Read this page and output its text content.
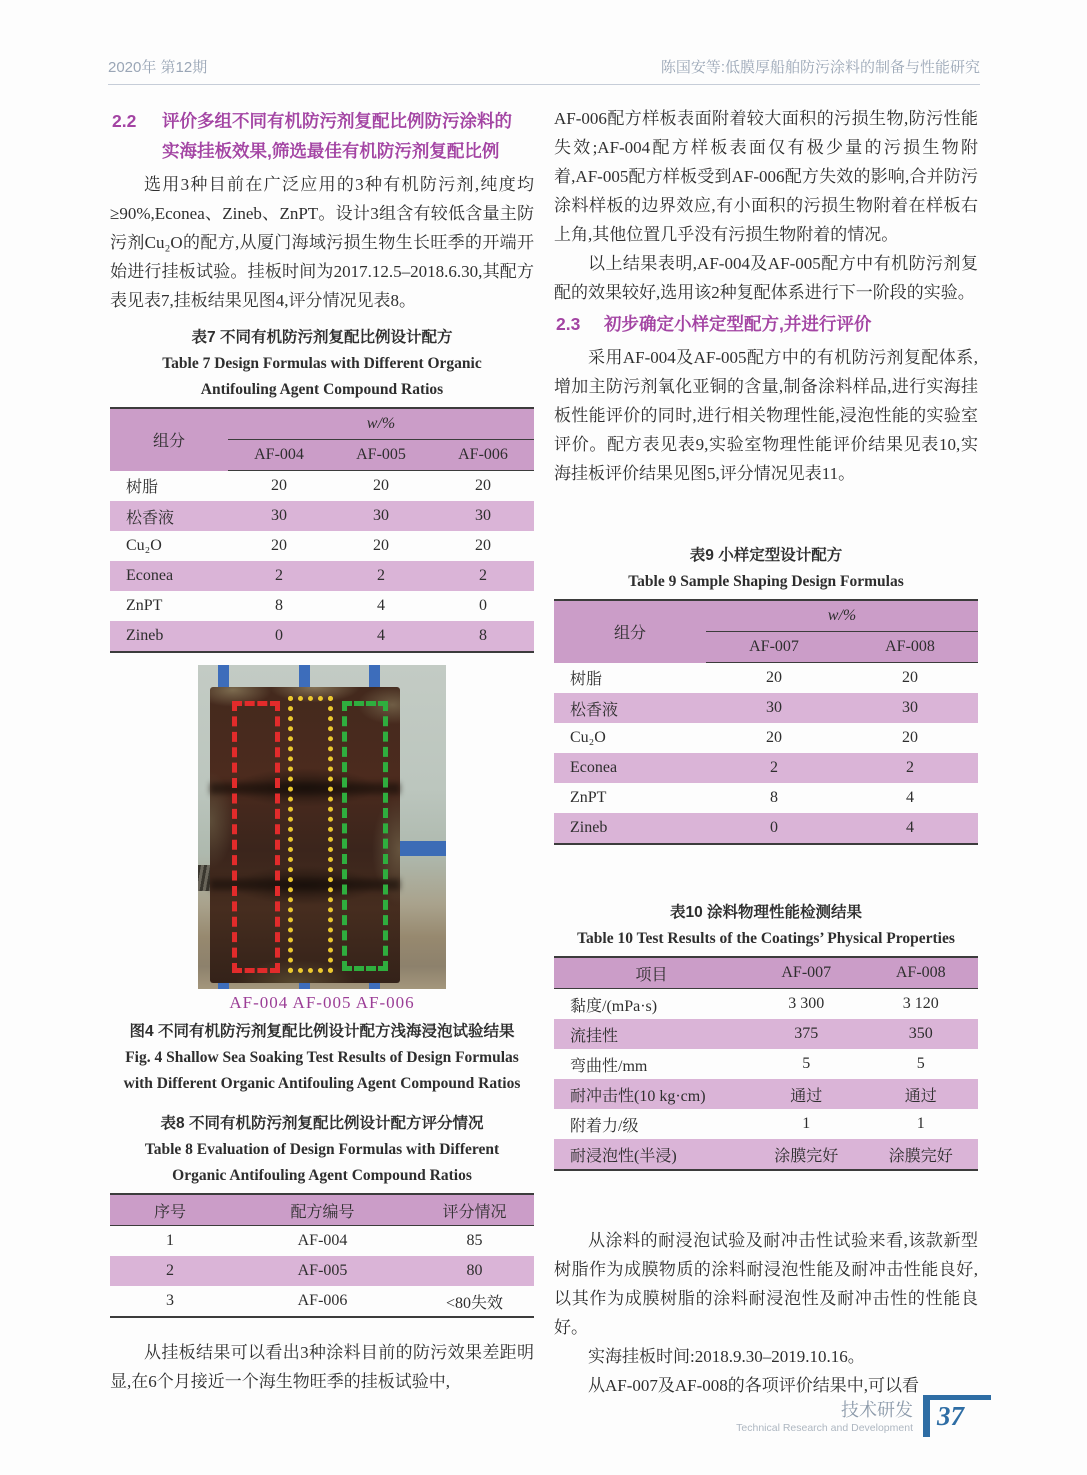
2020年 第12期	陈国安等:低膜厚船舶防污涂料的制备与性能研究
2.2 评价多组不同有机防污剂复配比例防污涂料的
实海挂板效果,筛选最佳有机防污剂复配比例

选用3种目前在广泛应用的3种有机防污剂,纯度均≥90%,Econea、Zineb、ZnPT。设计3组含有较低含量主防污剂Cu₂O的配方,从厦门海域污损生物生长旺季的开端开始进行挂板试验。挂板时间为2017.12.5–2018.6.30,其配方表见表7,挂板结果见图4,评分情况见表8。

表7 不同有机防污剂复配比例设计配方
Table 7 Design Formulas with Different Organic
Antifouling Agent Compound Ratios
组分	w/%		
	AF-004	AF-005	AF-006
树脂	20	20	20
松香液	30	30	30
Cu₂O	20	20	20
Econea	2	2	2
ZnPT	8	4	0
Zineb	0	4	8
AF-004 AF-005 AF-006
图4 不同有机防污剂复配比例设计配方浅海浸泡试验结果
Fig. 4 Shallow Sea Soaking Test Results of Design Formulas
with Different Organic Antifouling Agent Compound Ratios
表8 不同有机防污剂复配比例设计配方评分情况
Table 8 Evaluation of Design Formulas with Different
Organic Antifouling Agent Compound Ratios
序号	配方编号	评分情况
1	AF-004	85
2	AF-005	80
3	AF-006	<80失效

从挂板结果可以看出3种涂料目前的防污效果差距明显,在6个月接近一个海生物旺季的挂板试验中,

AF-006配方样板表面附着较大面积的污损生物,防污性能失效;AF-004配方样板表面仅有极少量的污损生物附着,AF-005配方样板受到AF-006配方失效的影响,合并防污涂料样板的边界效应,有小面积的污损生物附着在样板右上角,其他位置几乎没有污损生物附着的情况。

以上结果表明,AF-004及AF-005配方中有机防污剂复配的效果较好,选用该2种复配体系进行下一阶段的实验。

2.3 初步确定小样定型配方,并进行评价

采用AF-004及AF-005配方中的有机防污剂复配体系,增加主防污剂氧化亚铜的含量,制备涂料样品,进行实海挂板性能评价的同时,进行相关物理性能,浸泡性能的实验室评价。配方表见表9,实验室物理性能评价结果见表10,实海挂板评价结果见图5,评分情况见表11。

表9 小样定型设计配方
Table 9 Sample Shaping Design Formulas
组分	w/%	
	AF-007	AF-008
树脂	20	20
松香液	30	30
Cu₂O	20	20
Econea	2	2
ZnPT	8	4
Zineb	0	4
表10 涂料物理性能检测结果
Table 10 Test Results of the Coatings’ Physical Properties
项目	AF-007	AF-008
黏度/(mPa·s)	3 300	3 120
流挂性	375	350
弯曲性/mm	5	5
耐冲击性(10 kg·cm)	通过	通过
附着力/级	1	1
耐浸泡性(半浸)	涂膜完好	涂膜完好

从涂料的耐浸泡试验及耐冲击性试验来看,该款新型树脂作为成膜物质的涂料耐浸泡性能及耐冲击性能良好,以其作为成膜树脂的涂料耐浸泡性及耐冲击性的性能良好。

实海挂板时间:2018.9.30–2019.10.16。

从AF-007及AF-008的各项评价结果中,可以看

技术研发
Technical Research and Development 37
